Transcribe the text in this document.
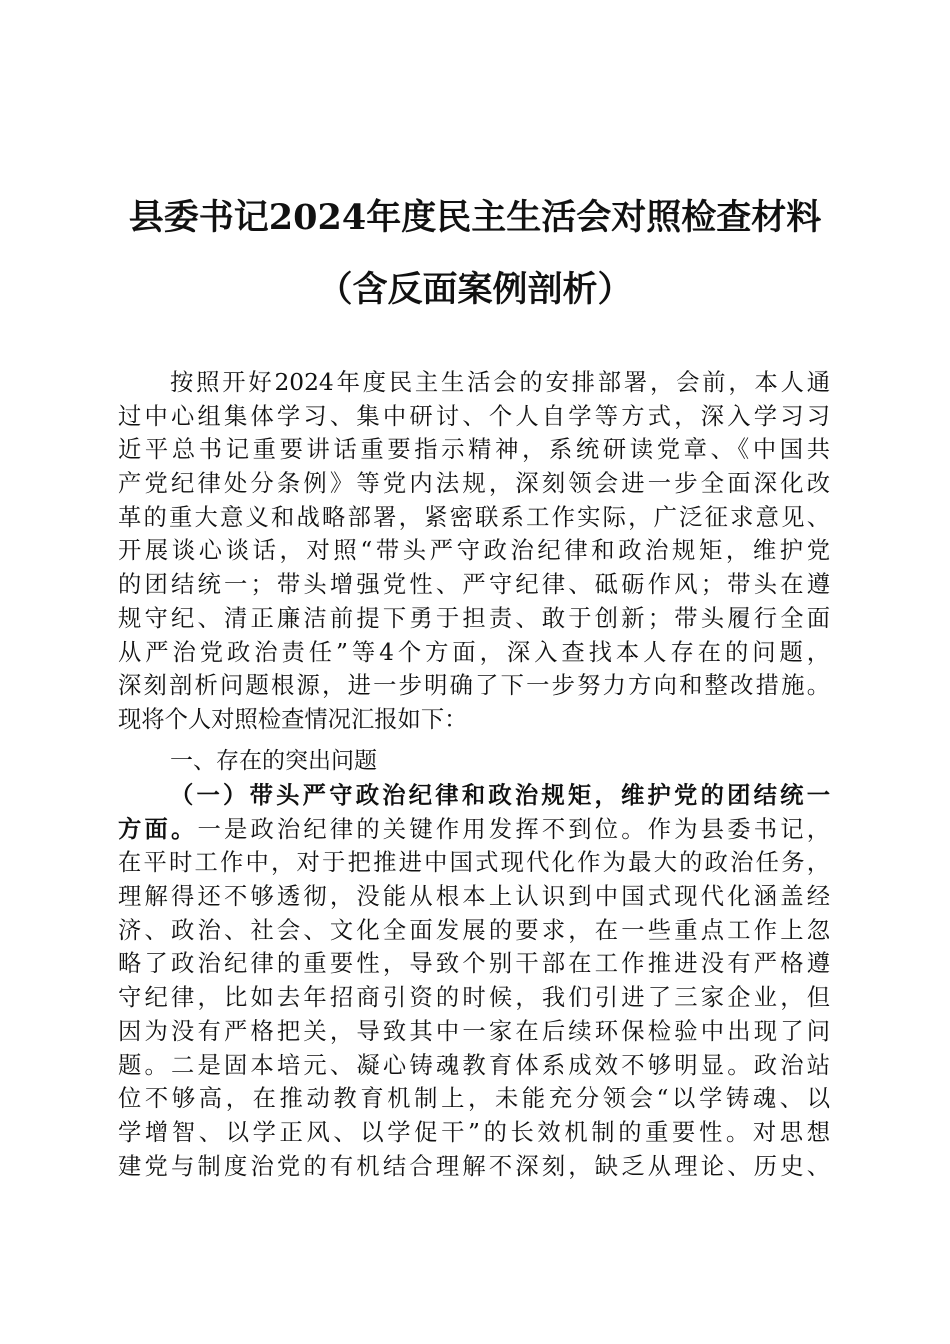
县委书记2024年度民主生活会对照检查材料
（含反面案例剖析）
按照开好2024年度民主生活会的安排部署，会前，本人通
过中心组集体学习、集中研讨、个人自学等方式，深入学习习
近平总书记重要讲话重要指示精神，系统研读党章、《中国共
产党纪律处分条例》等党内法规，深刻领会进一步全面深化改
革的重大意义和战略部署，紧密联系工作实际，广泛征求意见、
开展谈心谈话，对照“带头严守政治纪律和政治规矩，维护党
的团结统一；带头增强党性、严守纪律、砥砺作风；带头在遵
规守纪、清正廉洁前提下勇于担责、敢于创新；带头履行全面
从严治党政治责任”等4个方面，深入查找本人存在的问题，
深刻剖析问题根源，进一步明确了下一步努力方向和整改措施。
现将个人对照检查情况汇报如下：
一、存在的突出问题
（一）带头严守政治纪律和政治规矩，维护党的团结统一
方面。一是政治纪律的关键作用发挥不到位。作为县委书记，
在平时工作中，对于把推进中国式现代化作为最大的政治任务，
理解得还不够透彻，没能从根本上认识到中国式现代化涵盖经
济、政治、社会、文化全面发展的要求，在一些重点工作上忽
略了政治纪律的重要性，导致个别干部在工作推进没有严格遵
守纪律，比如去年招商引资的时候，我们引进了三家企业，但
因为没有严格把关，导致其中一家在后续环保检验中出现了问
题。二是固本培元、凝心铸魂教育体系成效不够明显。政治站
位不够高，在推动教育机制上，未能充分领会“以学铸魂、以
学增智、以学正风、以学促干”的长效机制的重要性。对思想
建党与制度治党的有机结合理解不深刻，缺乏从理论、历史、
